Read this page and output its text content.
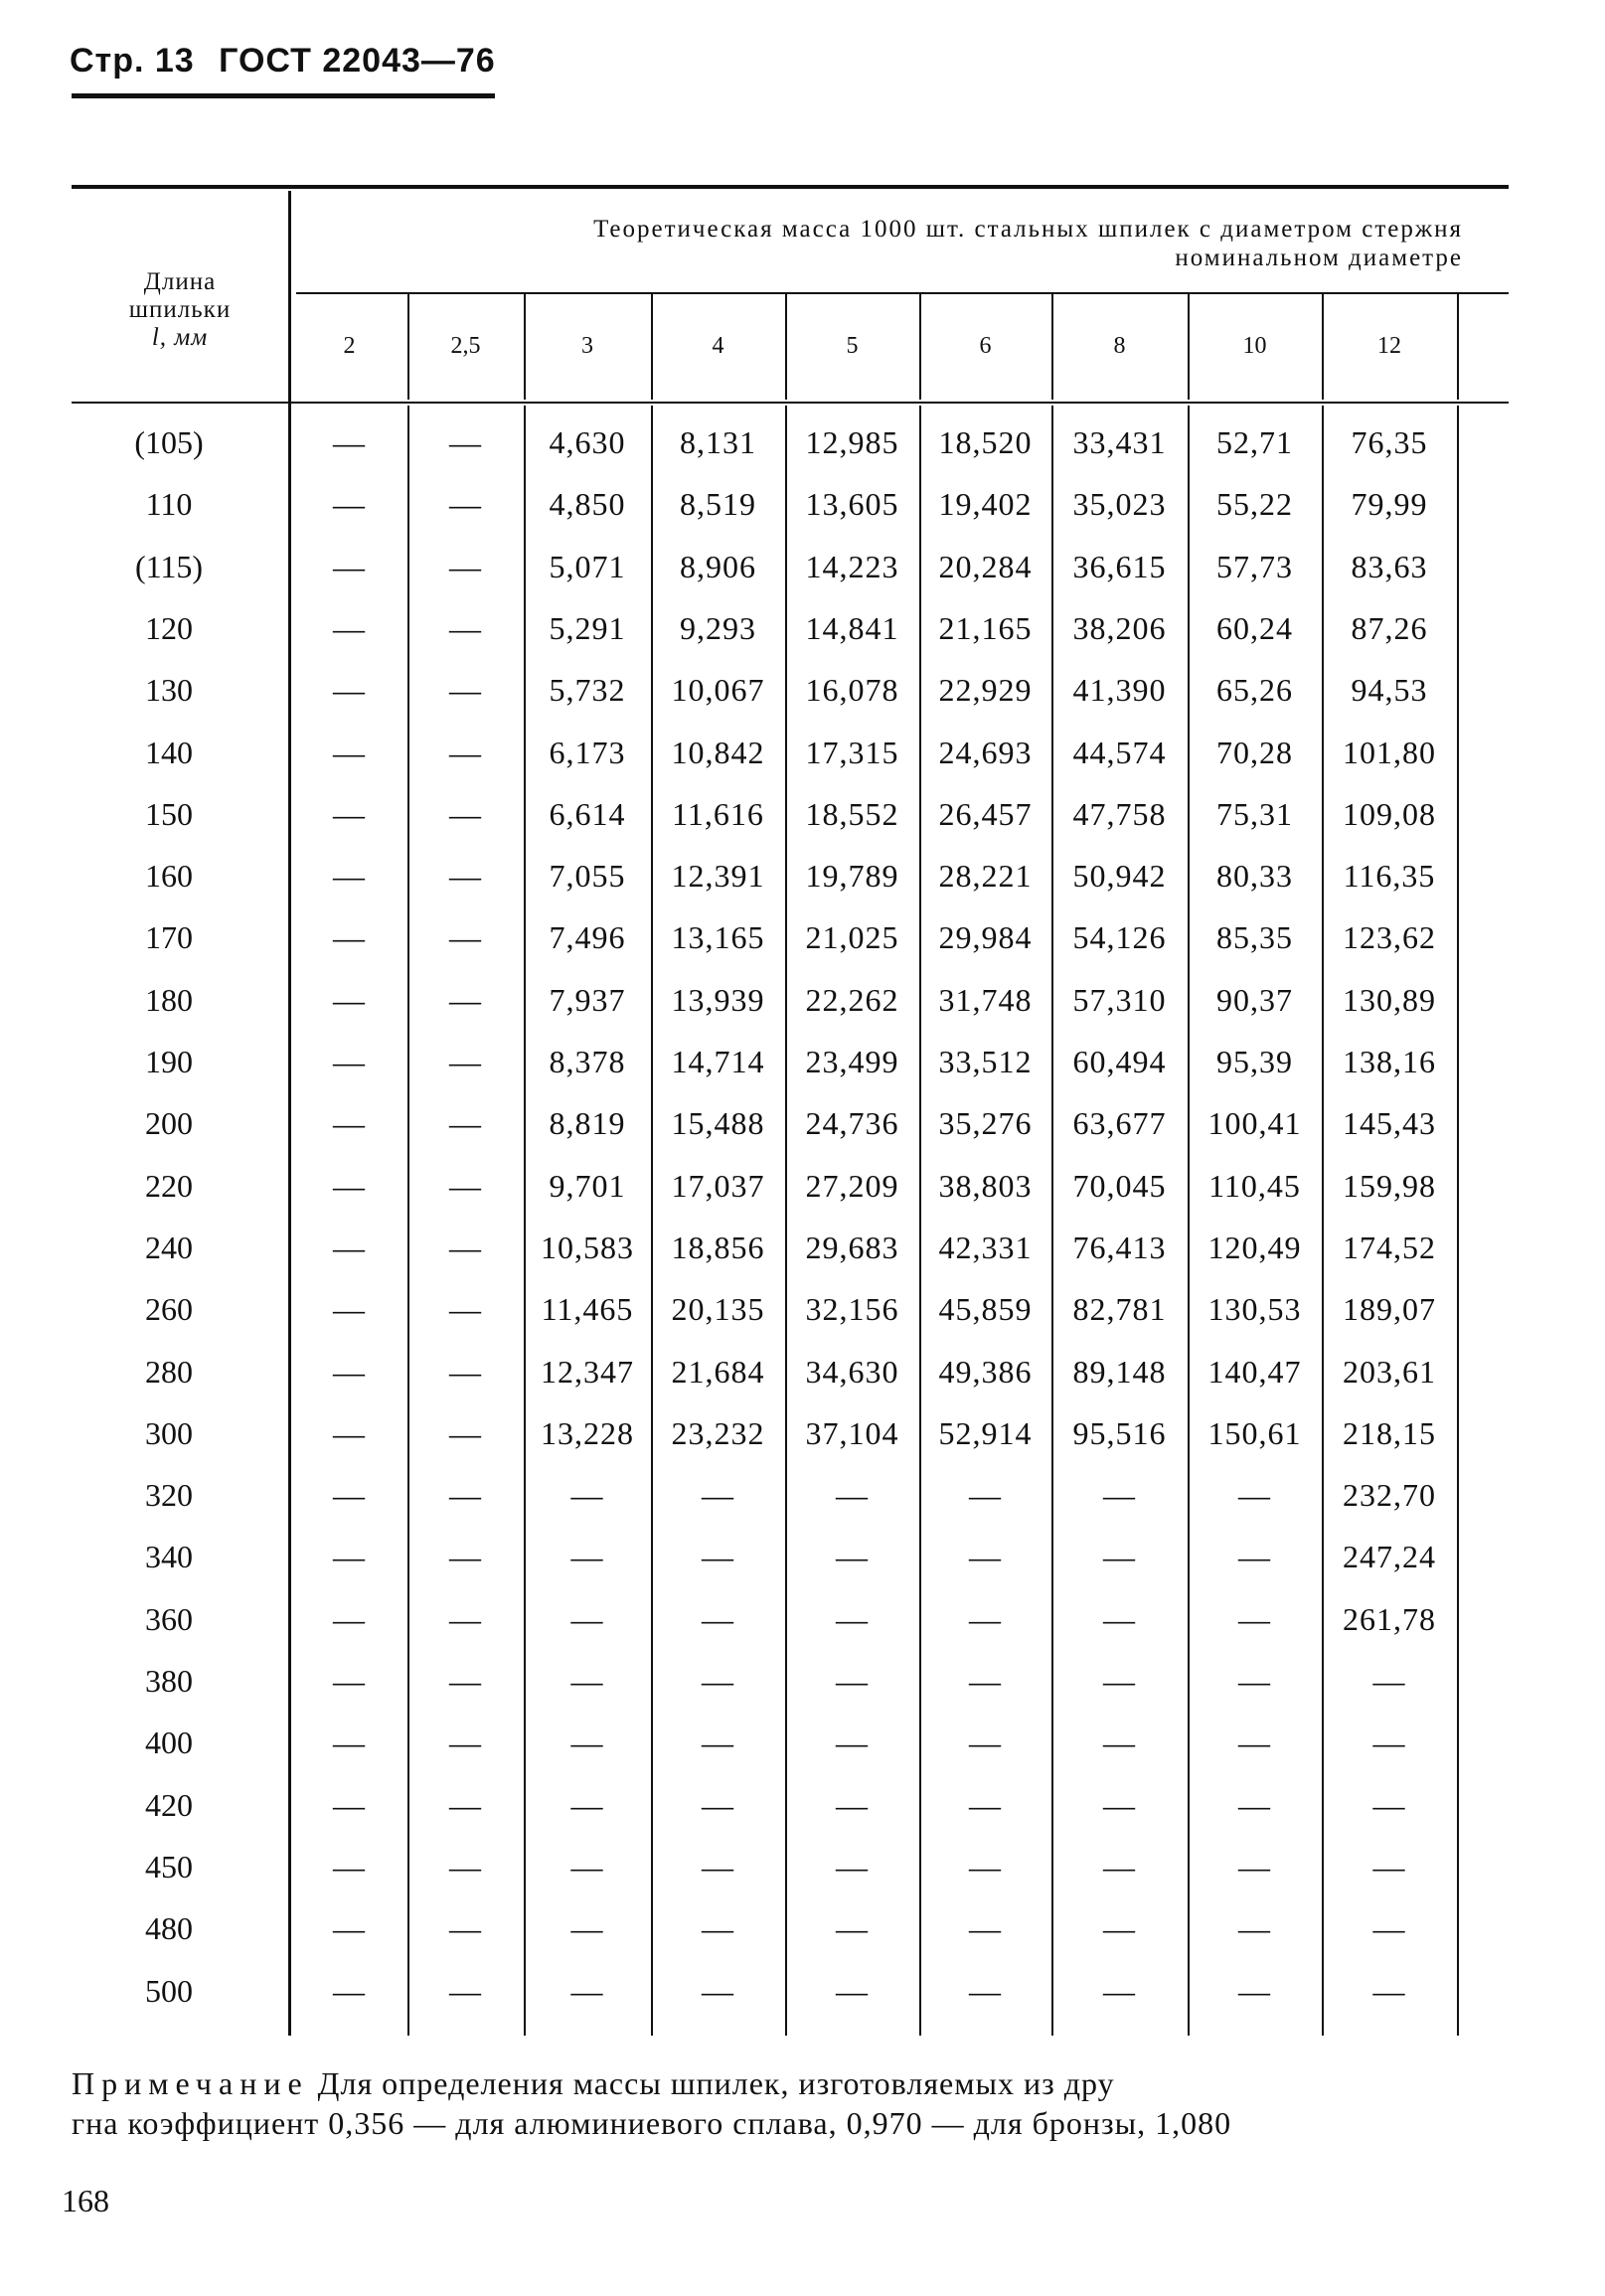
Стр. 13 ГОСТ 22043—76
Длина
шпильки
l, мм
Теоретическая масса 1000 шт. стальных шпилек с диаметром стержня
номинальном диаметре
2	2,5	3	4	5	6	8	10	12
(105)	—	—	4,630	8,131	12,985	18,520	33,431	52,71	76,35
110	—	—	4,850	8,519	13,605	19,402	35,023	55,22	79,99
(115)	—	—	5,071	8,906	14,223	20,284	36,615	57,73	83,63
120	—	—	5,291	9,293	14,841	21,165	38,206	60,24	87,26
130	—	—	5,732	10,067	16,078	22,929	41,390	65,26	94,53
140	—	—	6,173	10,842	17,315	24,693	44,574	70,28	101,80
150	—	—	6,614	11,616	18,552	26,457	47,758	75,31	109,08
160	—	—	7,055	12,391	19,789	28,221	50,942	80,33	116,35
170	—	—	7,496	13,165	21,025	29,984	54,126	85,35	123,62
180	—	—	7,937	13,939	22,262	31,748	57,310	90,37	130,89
190	—	—	8,378	14,714	23,499	33,512	60,494	95,39	138,16
200	—	—	8,819	15,488	24,736	35,276	63,677	100,41	145,43
220	—	—	9,701	17,037	27,209	38,803	70,045	110,45	159,98
240	—	—	10,583	18,856	29,683	42,331	76,413	120,49	174,52
260	—	—	11,465	20,135	32,156	45,859	82,781	130,53	189,07
280	—	—	12,347	21,684	34,630	49,386	89,148	140,47	203,61
300	—	—	13,228	23,232	37,104	52,914	95,516	150,61	218,15
320	—	—	—	—	—	—	—	—	232,70
340	—	—	—	—	—	—	—	—	247,24
360	—	—	—	—	—	—	—	—	261,78
380	—	—	—	—	—	—	—	—	—
400	—	—	—	—	—	—	—	—	—
420	—	—	—	—	—	—	—	—	—
450	—	—	—	—	—	—	—	—	—
480	—	—	—	—	—	—	—	—	—
500	—	—	—	—	—	—	—	—	—
Примечание Для определения массы шпилек, изготовляемых из дру
гна коэффициент 0,356 — для алюминиевого сплава, 0,970 — для бронзы, 1,080
168
